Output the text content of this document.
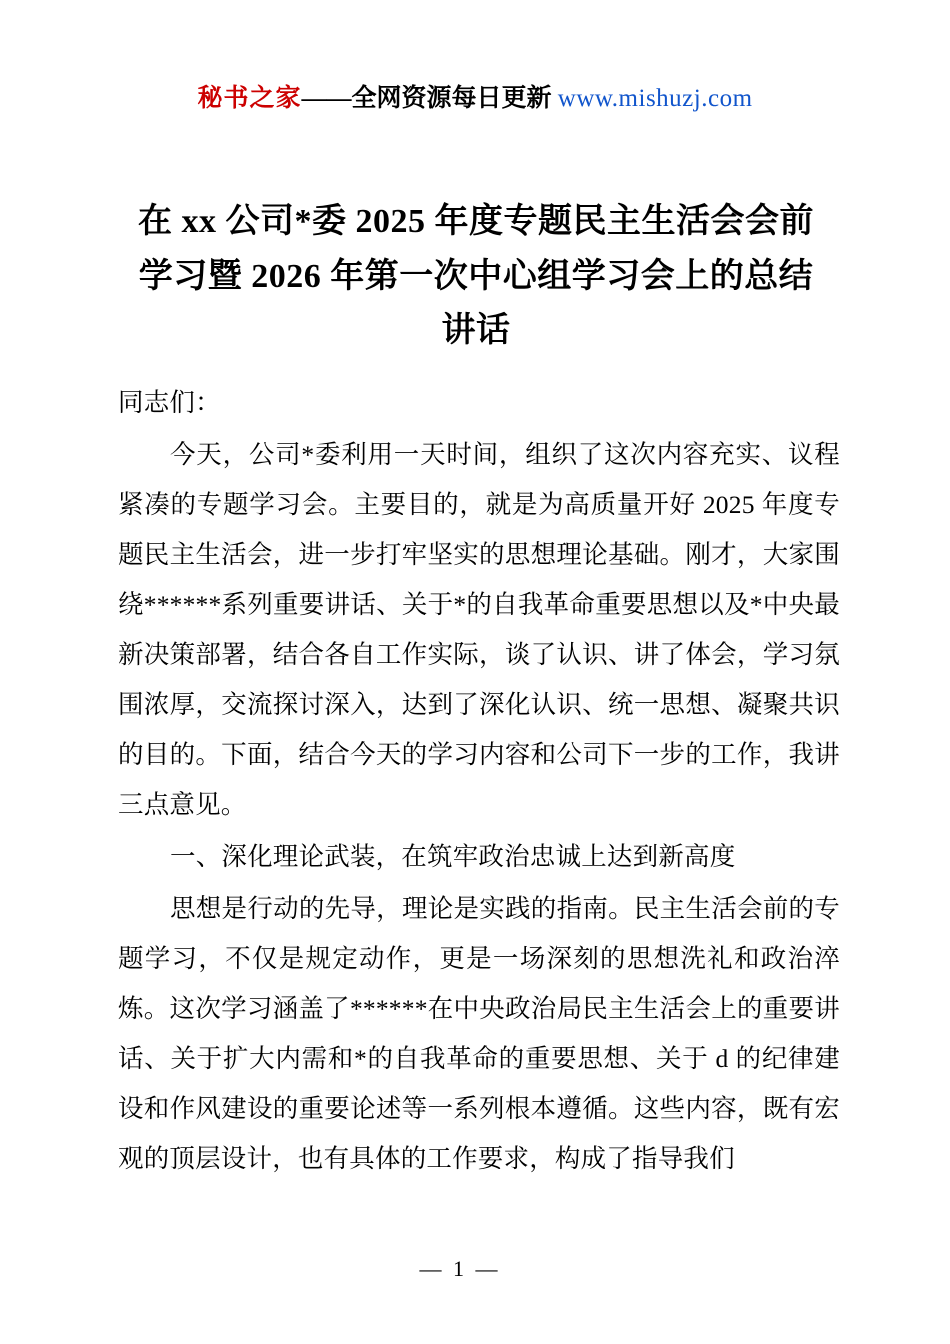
秘书之家——全网资源每日更新 www.mishuzj.com
在 xx 公司*委 2025 年度专题民主生活会会前 学习暨 2026 年第一次中心组学习会上的总结 讲话

同志们：

今天，公司*委利用一天时间，组织了这次内容充实、议程紧凑的专题学习会。主要目的，就是为高质量开好 2025 年度专题民主生活会，进一步打牢坚实的思想理论基础。刚才，大家围绕******系列重要讲话、关于*的自我革命重要思想以及*中央最新决策部署，结合各自工作实际，谈了认识、讲了体会，学习氛围浓厚，交流探讨深入，达到了深化认识、统一思想、凝聚共识的目的。下面，结合今天的学习内容和公司下一步的工作，我讲三点意见。

一、深化理论武装，在筑牢政治忠诚上达到新高度

思想是行动的先导，理论是实践的指南。民主生活会前的专题学习，不仅是规定动作，更是一场深刻的思想洗礼和政治淬炼。这次学习涵盖了******在中央政治局民主生活会上的重要讲话、关于扩大内需和*的自我革命的重要思想、关于 d 的纪律建设和作风建设的重要论述等一系列根本遵循。这些内容，既有宏观的顶层设计，也有具体的工作要求，构成了指导我们

— 1 —
